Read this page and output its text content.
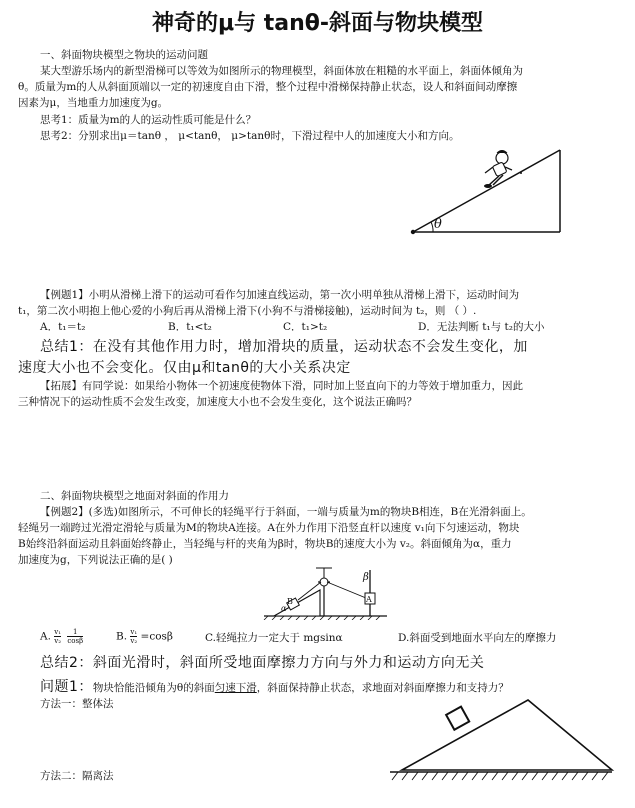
神奇的μ与 tanθ-斜面与物块模型
一、斜面物块模型之物块的运动问题
某大型游乐场内的新型滑梯可以等效为如图所示的物理模型，斜面体放在粗糙的水平面上，斜面体倾角为
θ。质量为m的人从斜面顶端以一定的初速度自由下滑，整个过程中滑梯保持静止状态，设人和斜面间动摩擦
因素为μ，当地重力加速度为g。
思考1：质量为m的人的运动性质可能是什么？
思考2：分别求出μ＝tanθ ， μ<tanθ， μ>tanθ时，下滑过程中人的加速度大小和方向。
θ
【例题1】小明从滑梯上滑下的运动可看作匀加速直线运动，第一次小明单独从滑梯上滑下，运动时间为
t₁，第二次小明抱上他心爱的小狗后再从滑梯上滑下(小狗不与滑梯接触)，运动时间为 t₂，则 （ ）.
A．t₁＝t₂	B．t₁<t₂	C．t₁>t₂	D．无法判断 t₁与 t₂的大小
总结1：在没有其他作用力时，增加滑块的质量，运动状态不会发生变化，加
速度大小也不会变化。仅由μ和tanθ的大小关系决定
【拓展】有同学说：如果给小物体一个初速度使物体下滑，同时加上竖直向下的力等效于增加重力，因此
三种情况下的运动性质不会发生改变，加速度大小也不会发生变化，这个说法正确吗？
二、斜面物块模型之地面对斜面的作用力
【例题2】(多选)如图所示，不可伸长的轻绳平行于斜面，一端与质量为m的物块B相连，B在光滑斜面上。
轻绳另一端跨过光滑定滑轮与质量为M的物块A连接。A在外力作用下沿竖直杆以速度 v₁向下匀速运动，物块
B始终沿斜面运动且斜面始终静止，当轻绳与杆的夹角为β时，物块B的速度大小为 v₂。斜面倾角为α，重力
加速度为g，下列说法正确的是( )
β
α
A
B
A. $\frac{\text{v₁}}{\text{v₂}}$
$\frac{1}{\cos\beta}$	B. $\frac{\text{v₁}}{\text{v₂}} =\cos\beta$	C.轻绳拉力一定大于 mgsinα	D.斜面受到地面水平向左的摩擦力
总结2：斜面光滑时，斜面所受地面摩擦力方向与外力和运动方向无关
问题1：物块恰能沿倾角为θ的斜面匀速下滑，斜面保持静止状态，求地面对斜面摩擦力和支持力？
方法一：整体法
方法二：隔离法
